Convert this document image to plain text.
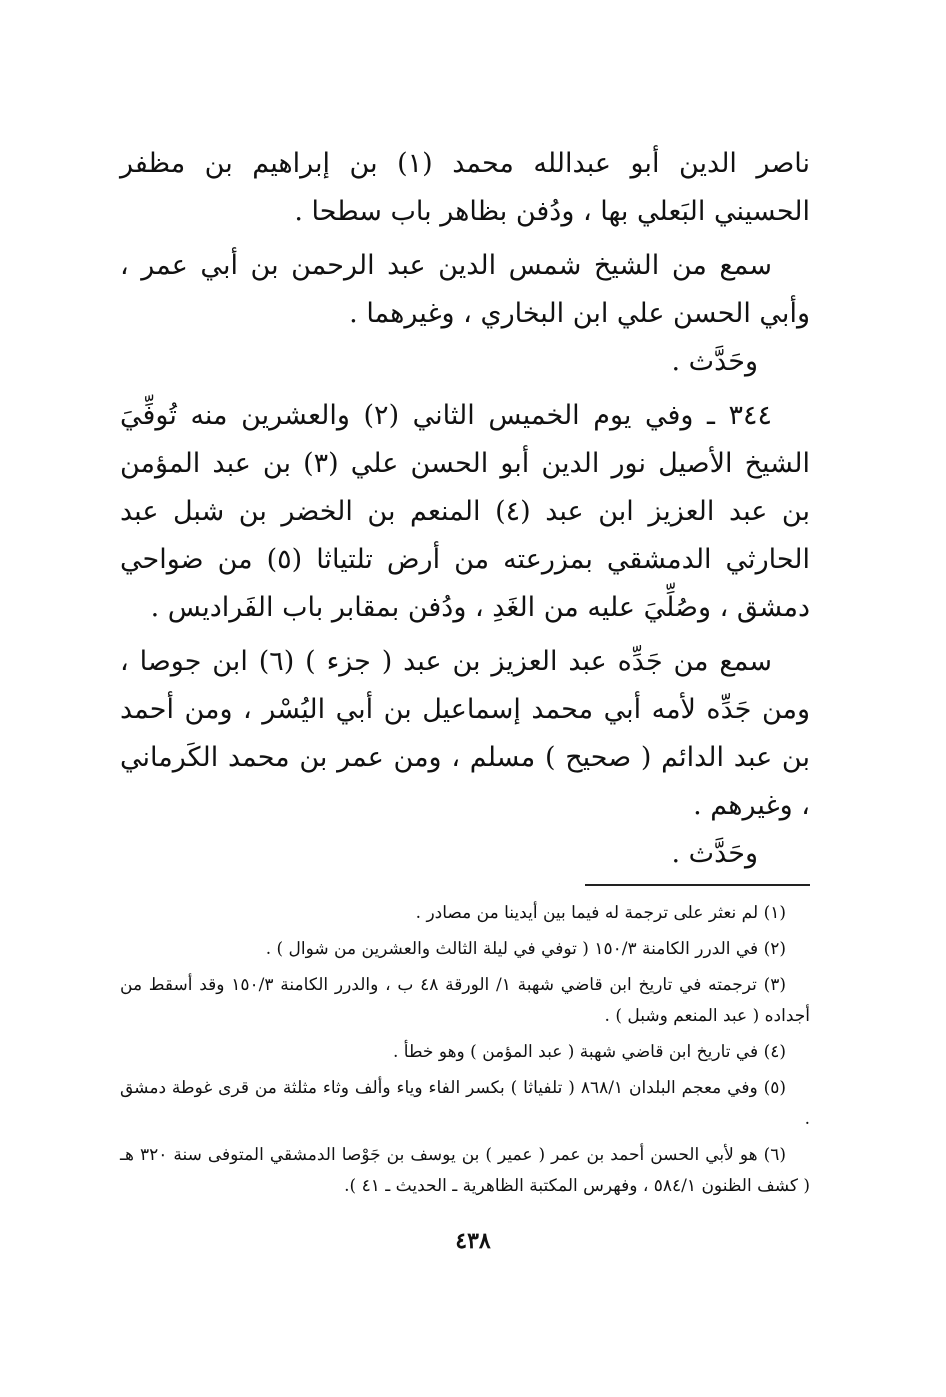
ناصر الدين أبو عبدالله محمد (١) بن إبراهيم بن مظفر الحسيني البَعلي بها ، ودُفن بظاهر باب سطحا .

سمع من الشيخ شمس الدين عبد الرحمن بن أبي عمر ، وأبي الحسن علي ابن البخاري ، وغيرهما .

وحَدَّث .

٣٤٤ ـ وفي يوم الخميس الثاني (٢) والعشرين منه تُوفِّيَ الشيخ الأصيل نور الدين أبو الحسن علي (٣) بن عبد المؤمن بن عبد العزيز ابن عبد (٤) المنعم بن الخضر بن شبل عبد الحارثي الدمشقي بمزرعته من أرض تلتياثا (٥) من ضواحي دمشق ، وصُلِّيَ عليه من الغَدِ ، ودُفن بمقابر باب الفَراديس .

سمع من جَدِّه عبد العزيز بن عبد ( جزء ) (٦) ابن جوصا ، ومن جَدِّه لأمه أبي محمد إسماعيل بن أبي اليُسْر ، ومن أحمد بن عبد الدائم ( صحيح ) مسلم ، ومن عمر بن محمد الكَرماني ، وغيرهم .

وحَدَّث .

(١) لم نعثر على ترجمة له فيما بين أيدينا من مصادر .

(٢) في الدرر الكامنة ١٥٠/٣ ( توفي في ليلة الثالث والعشرين من شوال ) .

(٣) ترجمته في تاريخ ابن قاضي شهبة ١/ الورقة ٤٨ ب ، والدرر الكامنة ١٥٠/٣ وقد أسقط من أجداده ( عبد المنعم وشبل ) .

(٤) في تاريخ ابن قاضي شهبة ( عبد المؤمن ) وهو خطأ .

(٥) وفي معجم البلدان ٨٦٨/١ ( تلفياثا ) بكسر الفاء وياء وألف وثاء مثلثة من قرى غوطة دمشق .

(٦) هو لأبي الحسن أحمد بن عمر ( عمير ) بن يوسف بن جَوْصا الدمشقي المتوفى سنة ٣٢٠ هـ ( كشف الظنون ٥٨٤/١ ، وفهرس المكتبة الظاهرية ـ الحديث ـ ٤١ ).

٤٣٨
